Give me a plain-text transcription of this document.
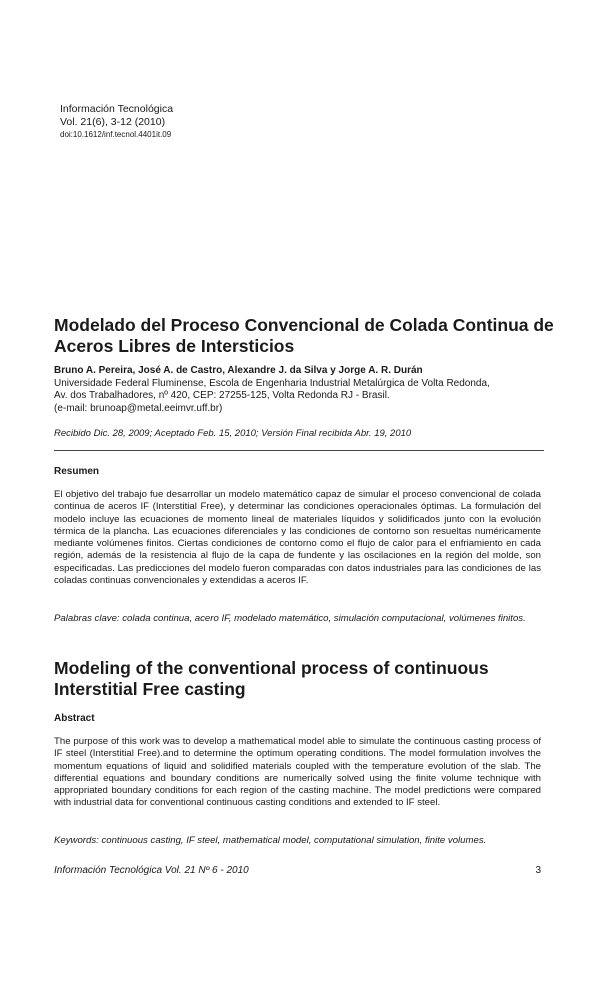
Información Tecnológica
Vol. 21(6), 3-12 (2010)
doi:10.1612/inf.tecnol.4401it.09
Modelado del Proceso Convencional de Colada Continua de Aceros Libres de Intersticios
Bruno A. Pereira, José A. de Castro, Alexandre J. da Silva y Jorge A. R. Durán
Universidade Federal Fluminense, Escola de Engenharia Industrial Metalúrgica de Volta Redonda,
Av. dos Trabalhadores, nº 420, CEP: 27255-125, Volta Redonda RJ - Brasil.
(e-mail: brunoap@metal.eeimvr.uff.br)
Recibido Dic. 28, 2009; Aceptado Feb. 15, 2010; Versión Final recibida Abr. 19, 2010
Resumen
El objetivo del trabajo fue desarrollar un modelo matemático capaz de simular el proceso convencional de colada continua de aceros IF (Interstitial Free), y determinar las condiciones operacionales óptimas. La formulación del modelo incluye las ecuaciones de momento lineal de materiales líquidos y solidificados junto con la evolución térmica de la plancha. Las ecuaciones diferenciales y las condiciones de contorno son resueltas numéricamente mediante volúmenes finitos. Ciertas condiciones de contorno como el flujo de calor para el enfriamiento en cada región, además de la resistencia al flujo de la capa de fundente y las oscilaciones en la región del molde, son especificadas. Las predicciones del modelo fueron comparadas con datos industriales para las condiciones de las coladas continuas convencionales y extendidas a aceros IF.
Palabras clave: colada continua, acero IF, modelado matemático, simulación computacional, volúmenes finitos.
Modeling of the conventional process of continuous Interstitial Free casting
Abstract
The purpose of this work was to develop a mathematical model able to simulate the continuous casting process of IF steel (Interstitial Free).and to determine the optimum operating conditions. The model formulation involves the momentum equations of liquid and solidified materials coupled with the temperature evolution of the slab. The differential equations and boundary conditions are numerically solved using the finite volume technique with appropriated boundary conditions for each region of the casting machine. The model predictions were compared with industrial data for conventional continuous casting conditions and extended to IF steel.
Keywords: continuous casting, IF steel, mathematical model, computational simulation, finite volumes.
Información Tecnológica Vol. 21 Nº 6 - 2010	3
